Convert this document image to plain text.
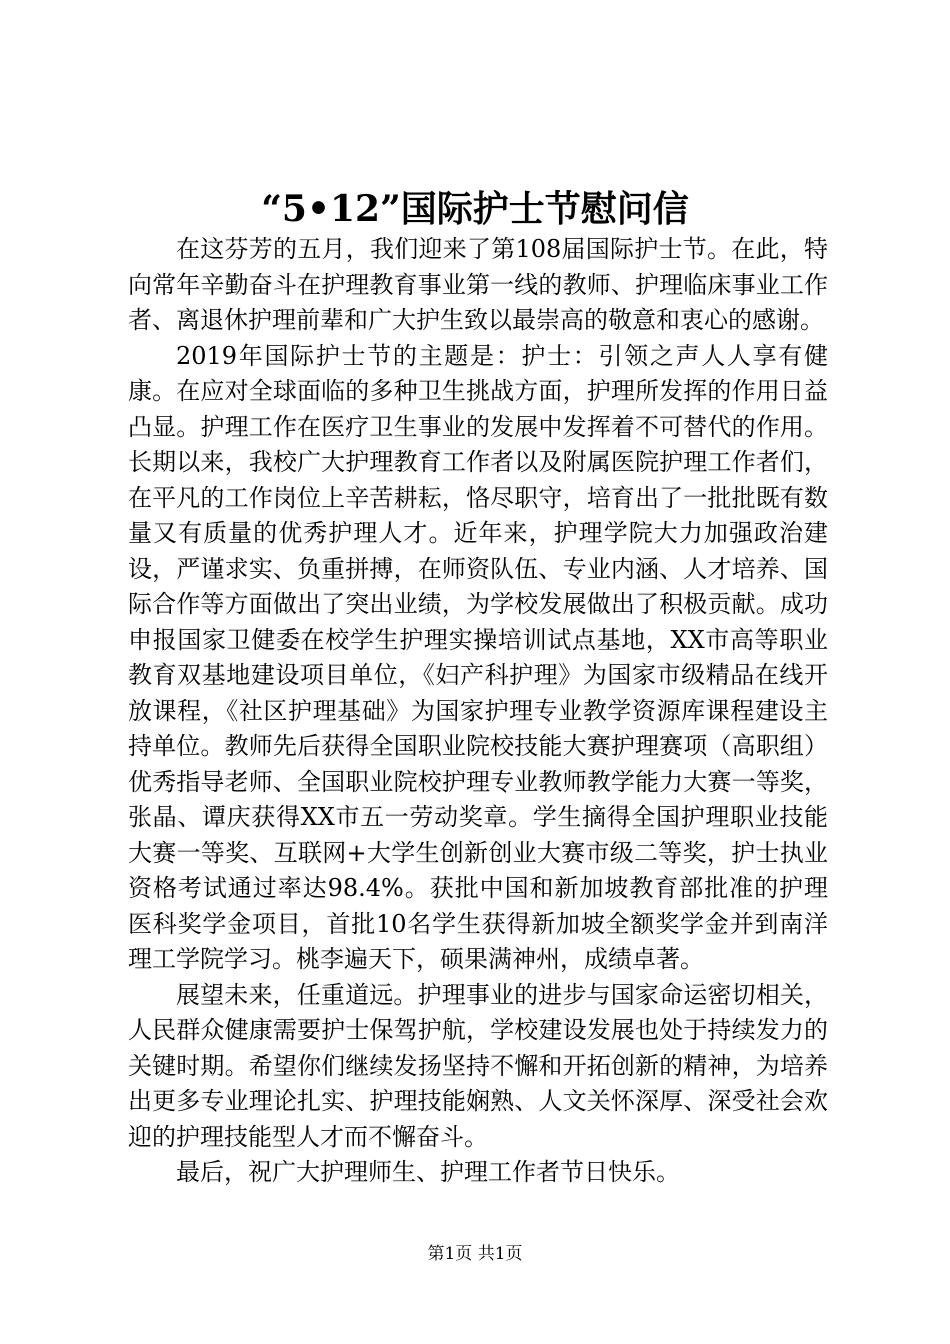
“5•12”国际护士节慰问信

在这芬芳的五月，我们迎来了第108届国际护士节。在此，特向常年辛勤奋斗在护理教育事业第一线的教师、护理临床事业工作者、离退休护理前辈和广大护生致以最崇高的敬意和衷心的感谢。

2019年国际护士节的主题是：护士：引领之声人人享有健康。在应对全球面临的多种卫生挑战方面，护理所发挥的作用日益凸显。护理工作在医疗卫生事业的发展中发挥着不可替代的作用。长期以来，我校广大护理教育工作者以及附属医院护理工作者们，在平凡的工作岗位上辛苦耕耘，恪尽职守，培育出了一批批既有数量又有质量的优秀护理人才。近年来，护理学院大力加强政治建设，严谨求实、负重拼搏，在师资队伍、专业内涵、人才培养、国际合作等方面做出了突出业绩，为学校发展做出了积极贡献。成功申报国家卫健委在校学生护理实操培训试点基地，XX市高等职业教育双基地建设项目单位，《妇产科护理》为国家市级精品在线开放课程，《社区护理基础》为国家护理专业教学资源库课程建设主持单位。教师先后获得全国职业院校技能大赛护理赛项（高职组）优秀指导老师、全国职业院校护理专业教师教学能力大赛一等奖，张晶、谭庆获得XX市五一劳动奖章。学生摘得全国护理职业技能大赛一等奖、互联网+大学生创新创业大赛市级二等奖，护士执业资格考试通过率达98.4%。获批中国和新加坡教育部批准的护理医科奖学金项目，首批10名学生获得新加坡全额奖学金并到南洋理工学院学习。桃李遍天下，硕果满神州，成绩卓著。

展望未来，任重道远。护理事业的进步与国家命运密切相关，人民群众健康需要护士保驾护航，学校建设发展也处于持续发力的关键时期。希望你们继续发扬坚持不懈和开拓创新的精神，为培养出更多专业理论扎实、护理技能娴熟、人文关怀深厚、深受社会欢迎的护理技能型人才而不懈奋斗。

最后，祝广大护理师生、护理工作者节日快乐。

第1页 共1页
